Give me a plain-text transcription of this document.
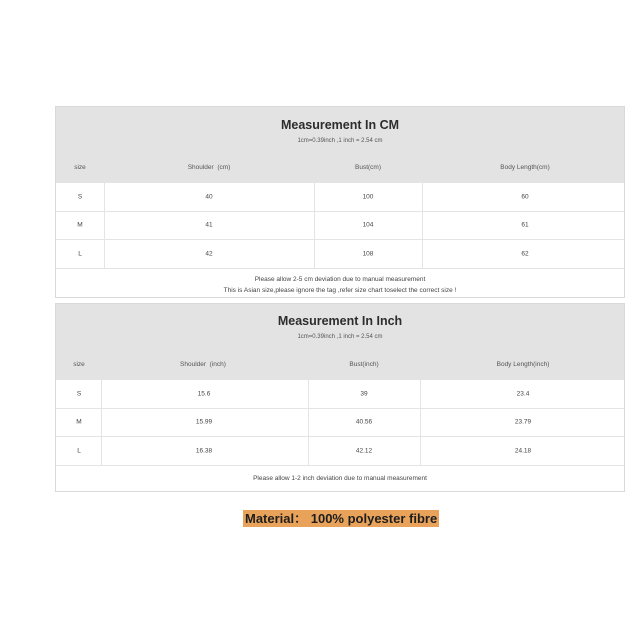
Measurement In CM
1cm=0.39inch ,1 inch = 2.54 cm
size	Shoulder  (cm)	Bust(cm)	Body Length(cm)
S	40	100	60
M	41	104	61
L	42	108	62
Please allow 2-5 cm deviation due to manual measurement
This is Asian size,please ignore the tag ,refer size chart toselect the correct size !
Measurement In Inch
1cm=0.39inch ,1 inch = 2.54 cm
size	Shoulder  (inch)	Bust(inch)	Body Length(inch)
S	15.6	39	23.4
M	15.99	40.56	23.79
L	16.38	42.12	24.18
Please allow 1-2 inch deviation due to manual measurement
Material： 100% polyester fibre
